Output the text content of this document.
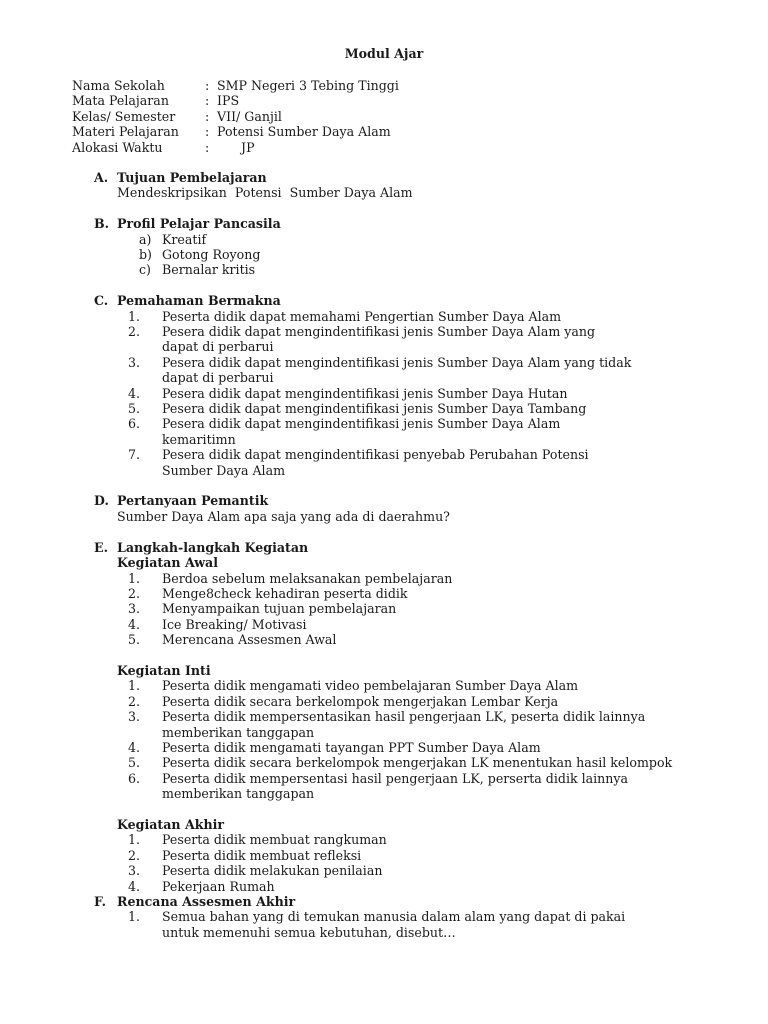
Modul Ajar
Nama Sekolah	: SMP Negeri 3 Tebing Tinggi
Mata Pelajaran	: IPS
Kelas/ Semester	: VII/ Ganjil
Materi Pelajaran	: Potensi Sumber Daya Alam
Alokasi Waktu	: JP
A. Tujuan Pembelajaran
Mendeskripsikan  Potensi  Sumber Daya Alam
B. Profil Pelajar Pancasila
a) Kreatif
b) Gotong Royong
c) Bernalar kritis
C. Pemahaman Bermakna
1.	Peserta didik dapat memahami Pengertian Sumber Daya Alam
2.	Pesera didik dapat mengindentifikasi jenis Sumber Daya Alam yang dapat di perbarui
3.	Pesera didik dapat mengindentifikasi jenis Sumber Daya Alam yang tidak dapat di perbarui
4.	Pesera didik dapat mengindentifikasi jenis Sumber Daya Hutan
5.	Pesera didik dapat mengindentifikasi jenis Sumber Daya Tambang
6.	Pesera didik dapat mengindentifikasi jenis Sumber Daya Alam kemaritimn
7.	Pesera didik dapat mengindentifikasi penyebab Perubahan Potensi Sumber Daya Alam
D. Pertanyaan Pemantik
Sumber Daya Alam apa saja yang ada di daerahmu?
E. Langkah-langkah Kegiatan
Kegiatan Awal
1.	Berdoa sebelum melaksanakan pembelajaran
2.	Menge8check kehadiran peserta didik
3.	Menyampaikan tujuan pembelajaran
4.	Ice Breaking/ Motivasi
5.	Merencana Assesmen Awal
Kegiatan Inti
1.	Peserta didik mengamati video pembelajaran Sumber Daya Alam
2.	Peserta didik secara berkelompok mengerjakan Lembar Kerja
3.	Peserta didik mempersentasikan hasil pengerjaan LK, peserta didik lainnya memberikan tanggapan
4.	Peserta didik mengamati tayangan PPT Sumber Daya Alam
5.	Peserta didik secara berkelompok mengerjakan LK menentukan hasil kelompok
6.	Peserta didik mempersentasi hasil pengerjaan LK, perserta didik lainnya memberikan tanggapan
Kegiatan Akhir
1.	Peserta didik membuat rangkuman
2.	Peserta didik membuat refleksi
3.	Peserta didik melakukan penilaian
4.	Pekerjaan Rumah
F. Rencana Assesmen Akhir
1.	Semua bahan yang di temukan manusia dalam alam yang dapat di pakai untuk memenuhi semua kebutuhan, disebut…
